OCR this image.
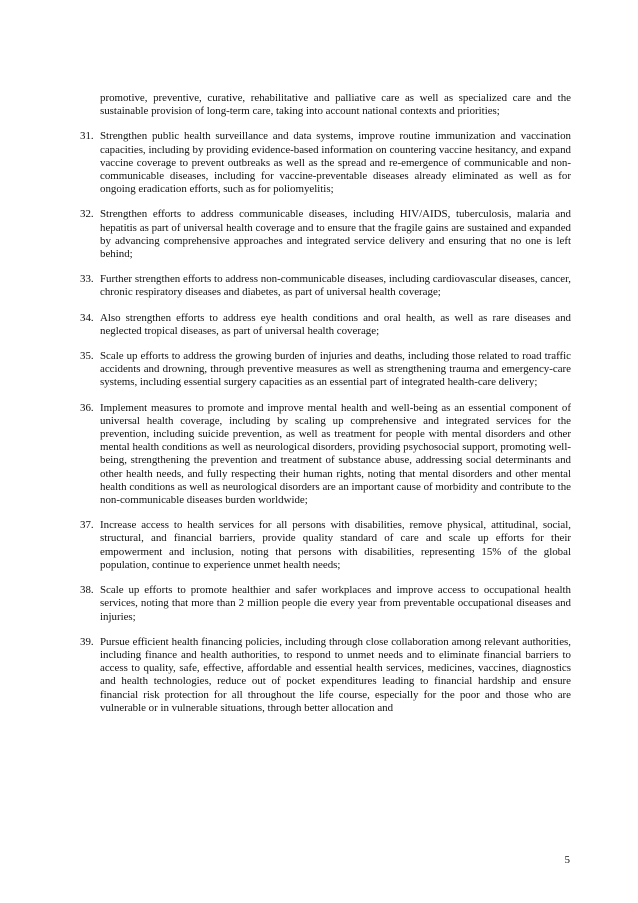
promotive, preventive, curative, rehabilitative and palliative care as well as specialized care and the sustainable provision of long-term care, taking into account national contexts and priorities;

31. Strengthen public health surveillance and data systems, improve routine immunization and vaccination capacities, including by providing evidence-based information on countering vaccine hesitancy, and expand vaccine coverage to prevent outbreaks as well as the spread and re-emergence of communicable and non-communicable diseases, including for vaccine-preventable diseases already eliminated as well as for ongoing eradication efforts, such as for poliomyelitis;
32. Strengthen efforts to address communicable diseases, including HIV/AIDS, tuberculosis, malaria and hepatitis as part of universal health coverage and to ensure that the fragile gains are sustained and expanded by advancing comprehensive approaches and integrated service delivery and ensuring that no one is left behind;
33. Further strengthen efforts to address non-communicable diseases, including cardiovascular diseases, cancer, chronic respiratory diseases and diabetes, as part of universal health coverage;
34. Also strengthen efforts to address eye health conditions and oral health, as well as rare diseases and neglected tropical diseases, as part of universal health coverage;
35. Scale up efforts to address the growing burden of injuries and deaths, including those related to road traffic accidents and drowning, through preventive measures as well as strengthening trauma and emergency-care systems, including essential surgery capacities as an essential part of integrated health-care delivery;
36. Implement measures to promote and improve mental health and well-being as an essential component of universal health coverage, including by scaling up comprehensive and integrated services for the prevention, including suicide prevention, as well as treatment for people with mental disorders and other mental health conditions as well as neurological disorders, providing psychosocial support, promoting well-being, strengthening the prevention and treatment of substance abuse, addressing social determinants and other health needs, and fully respecting their human rights, noting that mental disorders and other mental health conditions as well as neurological disorders are an important cause of morbidity and contribute to the non-communicable diseases burden worldwide;
37. Increase access to health services for all persons with disabilities, remove physical, attitudinal, social, structural, and financial barriers, provide quality standard of care and scale up efforts for their empowerment and inclusion, noting that persons with disabilities, representing 15% of the global population, continue to experience unmet health needs;
38. Scale up efforts to promote healthier and safer workplaces and improve access to occupational health services, noting that more than 2 million people die every year from preventable occupational diseases and injuries;
39. Pursue efficient health financing policies, including through close collaboration among relevant authorities, including finance and health authorities, to respond to unmet needs and to eliminate financial barriers to access to quality, safe, effective, affordable and essential health services, medicines, vaccines, diagnostics and health technologies, reduce out of pocket expenditures leading to financial hardship and ensure financial risk protection for all throughout the life course, especially for the poor and those who are vulnerable or in vulnerable situations, through better allocation and
5
